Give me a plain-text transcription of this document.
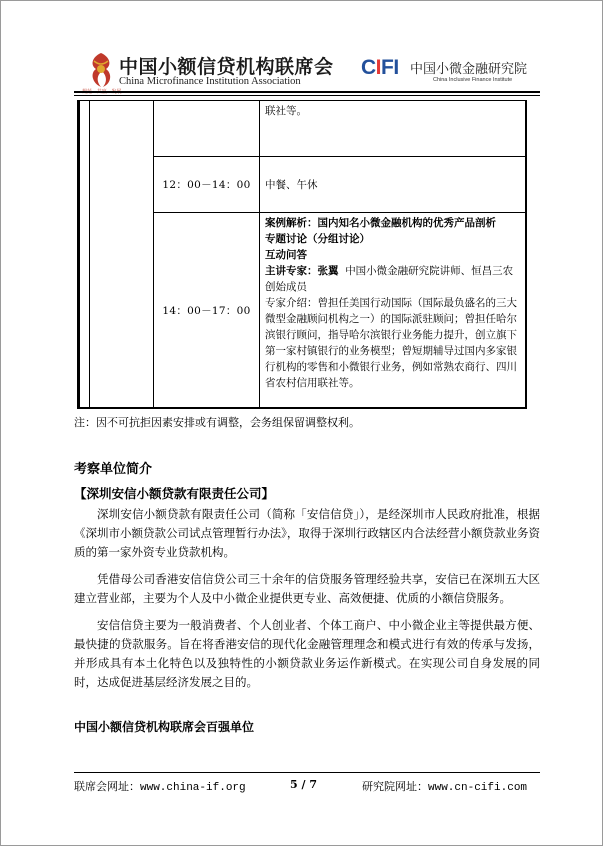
中国小额信贷机构联席会
China Microfinance Institution Association
CIFI 中国小微金融研究院
China Inclusive Finance Institute

			联社等。

		12：00－14：00	中餐、午休

		14：00－17：00	案例解析：国内知名小微金融机构的优秀产品剖析

专题讨论（分组讨论）

互动问答

主讲专家：张翼 中国小微金融研究院讲师、恒昌三农创始成员

专家介绍：曾担任美国行动国际（国际最负盛名的三大微型金融顾问机构之一）的国际派驻顾问；曾担任哈尔滨银行顾问，指导哈尔滨银行业务能力提升，创立旗下第一家村镇银行的业务模型；曾短期辅导过国内多家银行机构的零售和小微银行业务，例如常熟农商行、四川省农村信用联社等。

注：因不可抗拒因素安排或有调整，会务组保留调整权利。
考察单位简介
【深圳安信小额贷款有限责任公司】

深圳安信小额贷款有限责任公司（简称「安信信贷」），是经深圳市人民政府批准，根据《深圳市小额贷款公司试点管理暂行办法》，取得于深圳行政辖区内合法经营小额贷款业务资质的第一家外资专业贷款机构。

凭借母公司香港安信信贷公司三十余年的信贷服务管理经验共享，安信已在深圳五大区建立营业部，主要为个人及中小微企业提供更专业、高效便捷、优质的小额信贷服务。

安信信贷主要为一般消费者、个人创业者、个体工商户、中小微企业主等提供最方便、最快捷的贷款服务。旨在将香港安信的现代化金融管理理念和模式进行有效的传承与发扬，并形成具有本土化特色以及独特性的小额贷款业务运作新模式。在实现公司自身发展的同时，达成促进基层经济发展之目的。

中国小额信贷机构联席会百强单位
联席会网址：www.china-if.org	5 / 7	研究院网址：www.cn-cifi.com
